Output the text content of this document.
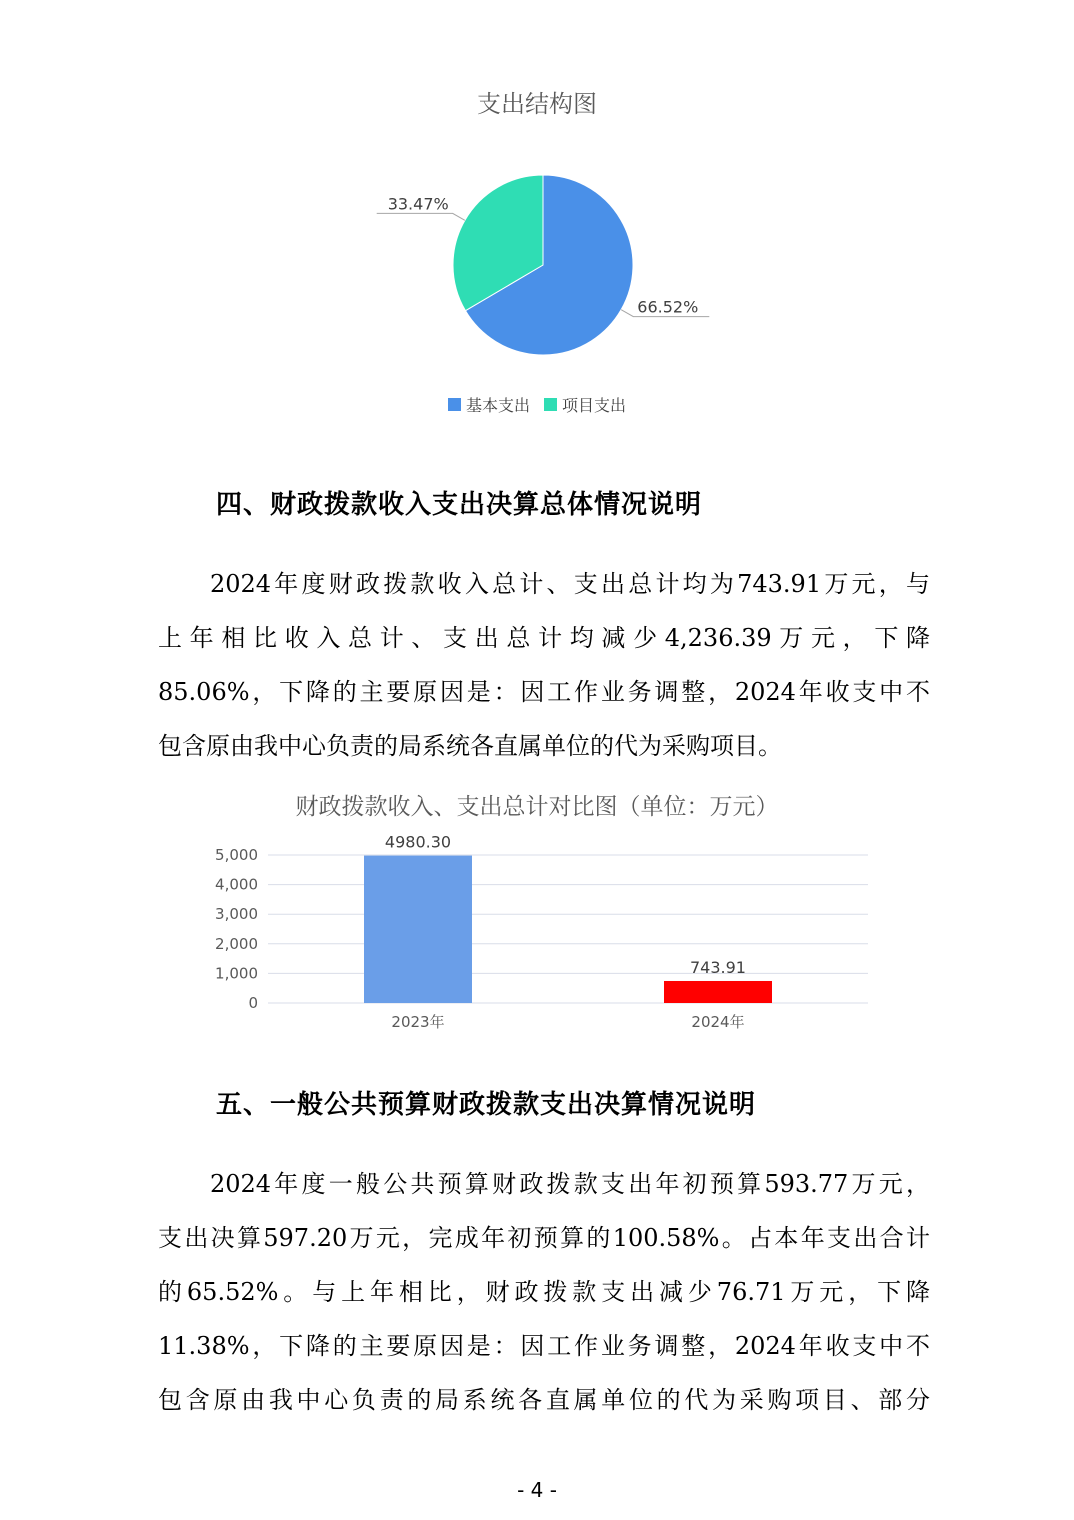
支出结构图
66.52%
33.47%
基本支出 项目支出
四、财政拨款收入支出决算总体情况说明
2024年度财政拨款收入总计、支出总计均为743.91万元，与
上年相比收入总计、支出总计均减少4,236.39万元，下降
85.06%，下降的主要原因是：因工作业务调整，2024年收支中不
包含原由我中心负责的局系统各直属单位的代为采购项目。
财政拨款收入、支出总计对比图（单位：万元）
0
1,000
2,000
3,000
4,000
5,000
4980.30
2023年
743.91
2024年
五、一般公共预算财政拨款支出决算情况说明
2024年度一般公共预算财政拨款支出年初预算593.77万元，
支出决算597.20万元，完成年初预算的100.58%。占本年支出合计
的65.52%。与上年相比，财政拨款支出减少76.71万元，下降
11.38%，下降的主要原因是：因工作业务调整，2024年收支中不
包含原由我中心负责的局系统各直属单位的代为采购项目、部分
- 4 -
